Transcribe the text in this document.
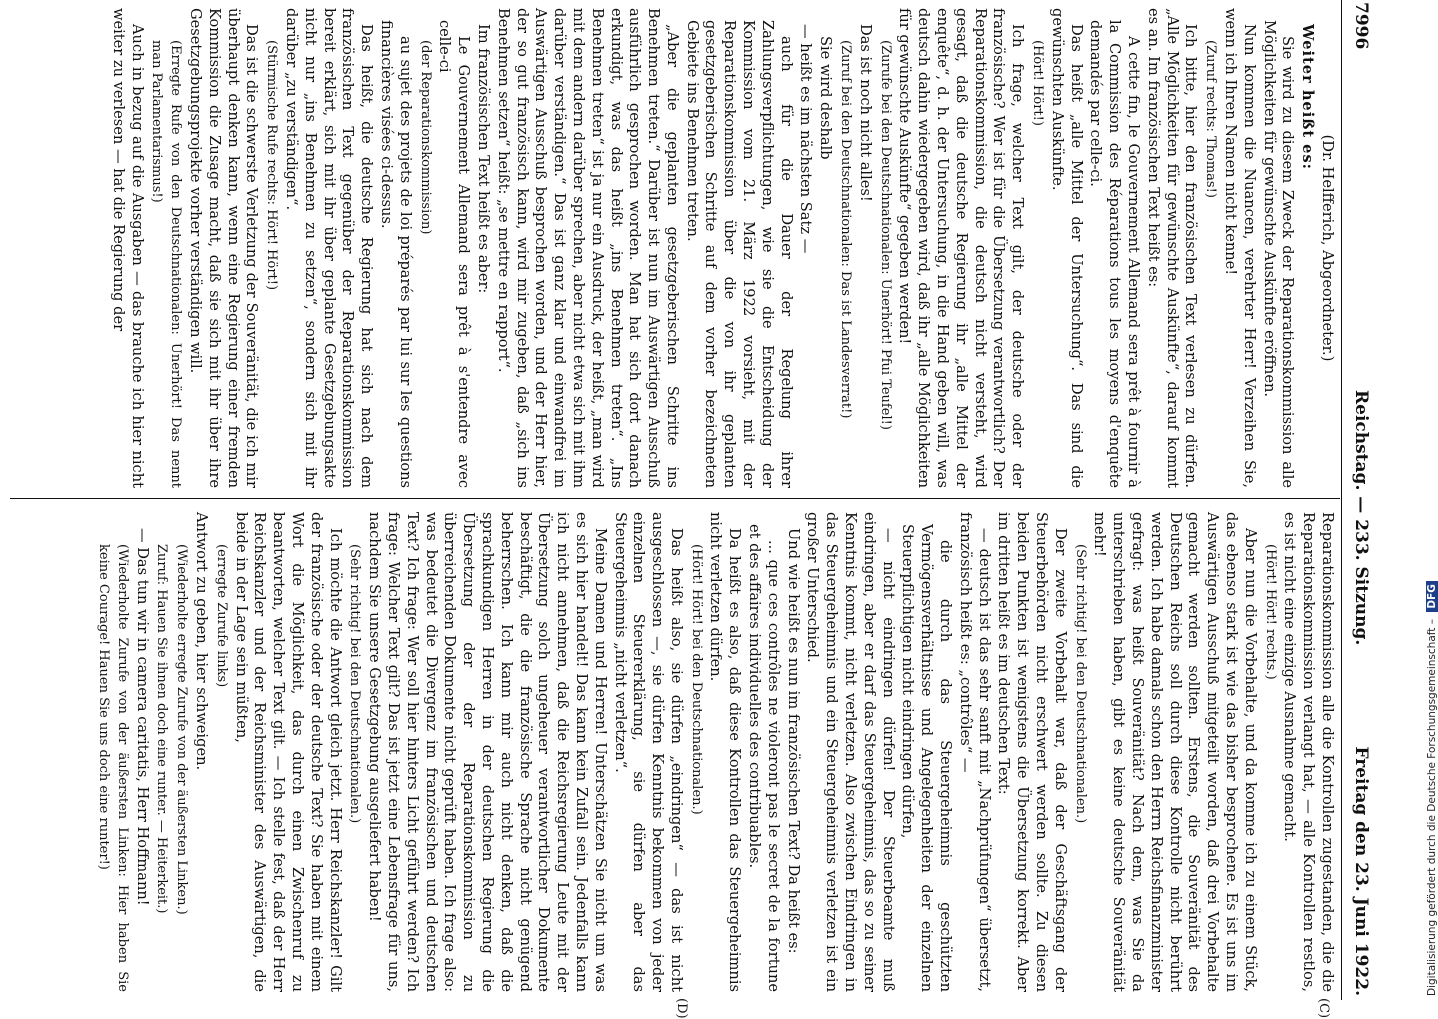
7996
Reichstag. — 233. Sitzung.
Freitag den 23. Juni 1922.
(C)
(D)

(Dr. Helfferich, Abgeordneter.)

Weiter heißt es:

Sie wird zu diesem Zweck der Reparationskommission alle Möglichkeiten für gewünschte Auskünfte eröffnen.

Nun kommen die Nuancen, verehrter Herr! Verzeihen Sie, wenn ich Ihren Namen nicht kenne!

(Zuruf rechts: Thomas!)

Ich bitte, hier den französischen Text verlesen zu dürfen. „Alle Möglichkeiten für gewünschte Auskünfte“, darauf kommt es an. Im französischen Text heißt es:

A cette fin, le Gouvernement Allemand sera prêt à fournir à la Commission des Réparations tous les moyens d'enquête demandés par celle-ci.

Das heißt „alle Mittel der Untersuchung“. Das sind die gewünschten Auskünfte.

(Hört! Hört!)

Ich frage, welcher Text gilt, der deutsche oder der französische? Wer ist für die Übersetzung verantwortlich? Der Reparationskommission, die deutsch nicht versteht, wird gesagt, daß die deutsche Regierung ihr „alle Mittel der enquête“, d. h. der Untersuchung, in die Hand geben will, was deutsch dahin wiedergegeben wird, daß ihr „alle Möglichkeiten für gewünschte Auskünfte“ gegeben werden!

(Zurufe bei den Deutschnationalen: Unerhört! Pfui Teufel!)

Das ist noch nicht alles!

(Zuruf bei den Deutschnationalen: Das ist Landesverrat!)

Sie wird deshalb

— heißt es im nächsten Satz —

auch für die Dauer der Regelung ihrer Zahlungsverpflichtungen, wie sie die Entscheidung der Kommission vom 21. März 1922 vorsieht, mit der Reparationskommission über die von ihr geplanten gesetzgeberischen Schritte auf dem vorher bezeichneten Gebiete ins Benehmen treten.

„Aber die geplanten gesetzgeberischen Schritte ins Benehmen treten.“ Darüber ist nun im Auswärtigen Ausschuß ausführlich gesprochen worden. Man hat sich dort danach erkundigt, was das heißt „ins Benehmen treten“. „Ins Benehmen treten“ ist ja nur ein Ausdruck, der heißt, „man wird mit dem andern darüber sprechen, aber nicht etwa sich mit ihm darüber verständigen.“ Das ist ganz klar und einwandfrei im Auswärtigen Ausschuß besprochen worden, und der Herr hier, der so gut französisch kann, wird mir zugeben, daß „sich ins Benehmen setzen“ heißt: „se mettre en rapport“.

Im französischen Text heißt es aber:

Le Gouvernement Allemand sera prêt à s'entendre avec celle-ci

(der Reparationskommission)

au sujet des projets de loi préparés par lui sur les questions financières visées ci-dessus.

Das heißt, die deutsche Regierung hat sich nach dem französischen Text gegenüber der Reparationskommission bereit erklärt, sich mit ihr über geplante Gesetzgebungsakte nicht nur „ins Benehmen zu setzen“, sondern sich mit ihr darüber „zu verständigen“.

(Stürmische Rufe rechts: Hört! Hört!)

Das ist die schwerste Verletzung der Souveränität, die ich mir überhaupt denken kann, wenn eine Regierung einer fremden Kommission die Zusage macht, daß sie sich mit ihr über ihre Gesetzgebungsprojekte vorher verständigen will.

(Erregte Rufe von den Deutschnationalen: Unerhört! Das nennt man Parlamentarismus!)

Auch in bezug auf die Ausgaben — das brauche ich hier nicht weiter zu verlesen — hat die Regierung der

Reparationskommission alle die Kontrollen zugestanden, die die Reparationskommission verlangt hat, — alle Kontrollen restlos, es ist nicht eine einzige Ausnahme gemacht.

(Hört! Hört! rechts.)

Aber nun die Vorbehalte, und da komme ich zu einem Stück, das ebenso stark ist wie das bisher besprochene. Es ist uns im Auswärtigen Ausschuß mitgeteilt worden, daß drei Vorbehalte gemacht werden sollten. Erstens, die Souveränität des Deutschen Reichs soll durch diese Kontrolle nicht berührt werden. Ich habe damals schon den Herrn Reichsfinanzminister gefragt: was heißt Souveränität? Nach dem, was Sie da unterschrieben haben, gibt es keine deutsche Souveränität mehr!

(Sehr richtig! bei den Deutschnationalen.)

Der zweite Vorbehalt war, daß der Geschäftsgang der Steuerbehörden nicht erschwert werden sollte. Zu diesen beiden Punkten ist wenigstens die Übersetzung korrekt. Aber im dritten heißt es im deutschen Text:

— deutsch ist das sehr sanft mit „Nachprüfungen“ übersetzt, französisch heißt es: „contrôles“ —

die durch das Steuergeheimnis geschützten Vermögensverhältnisse und Angelegenheiten der einzelnen Steuerpflichtigen nicht eindringen dürfen,

— nicht eindringen dürfen! Der Steuerbeamte muß eindringen, aber er darf das Steuergeheimnis, das so zu seiner Kenntnis kommt, nicht verletzen. Also zwischen Eindringen in das Steuergeheimnis und ein Steuergeheimnis verletzen ist ein großer Unterschied.

Und wie heißt es nun im französischen Text? Da heißt es:

... que ces contrôles ne violeront pas le secret de la fortune et des affaires individuelles des contribuables.

Da heißt es also, daß diese Kontrollen das Steuergeheimnis nicht verletzen dürfen.

(Hört! Hört! bei den Deutschnationalen.)

Das heißt also, sie dürfen „eindringen“ — das ist nicht ausgeschlossen —, sie dürfen Kenntnis bekommen von jeder einzelnen Steuererklärung, sie dürfen aber das Steuergeheimnis „nicht verletzen“.

Meine Damen und Herren! Unterschätzen Sie nicht um was es sich hier handelt! Das kann kein Zufall sein. Jedenfalls kann ich nicht annehmen, daß die Reichsregierung Leute mit der Übersetzung solch ungeheuer verantwortlicher Dokumente beschäftigt, die die französische Sprache nicht genügend beherrschen. Ich kann mir auch nicht denken, daß die sprachkundigen Herren in der deutschen Regierung die Übersetzung der der Reparationskommission zu überreichenden Dokumente nicht geprüft haben. Ich frage also: was bedeutet die Divergenz im französischen und deutschen Text? Ich frage: Wer soll hier hinters Licht geführt werden? Ich frage: Welcher Text gilt? Das ist jetzt eine Lebensfrage für uns, nachdem Sie unsere Gesetzgebung ausgeliefert haben!

(Sehr richtig! bei den Deutschnationalen.)

Ich möchte die Antwort gleich jetzt. Herr Reichskanzler! Gilt der französische oder der deutsche Text? Sie haben mit einem Wort die Möglichkeit, das durch einen Zwischenruf zu beantworten, welcher Text gilt. — Ich stelle fest, daß der Herr Reichskanzler und der Reichsminister des Auswärtigen, die beide in der Lage sein müßten,

(erregte Zurufe links)

Antwort zu geben, hier schweigen.

(Wiederholte erregte Zurufe von der äußersten Linken.)

Zuruf: Hauen Sie ihnen doch eine runter. — Heiterkeit.)

— Das tun wir in camera caritatis, Herr Hoffmann!

(Wiederholte Zurufe von der äußersten Linken: Hier haben Sie keine Courage! Hauen Sie uns doch eine runter!)	Digitalisierung gefördert durch die Deutsche Forschungsgemeinschaft – DFG
